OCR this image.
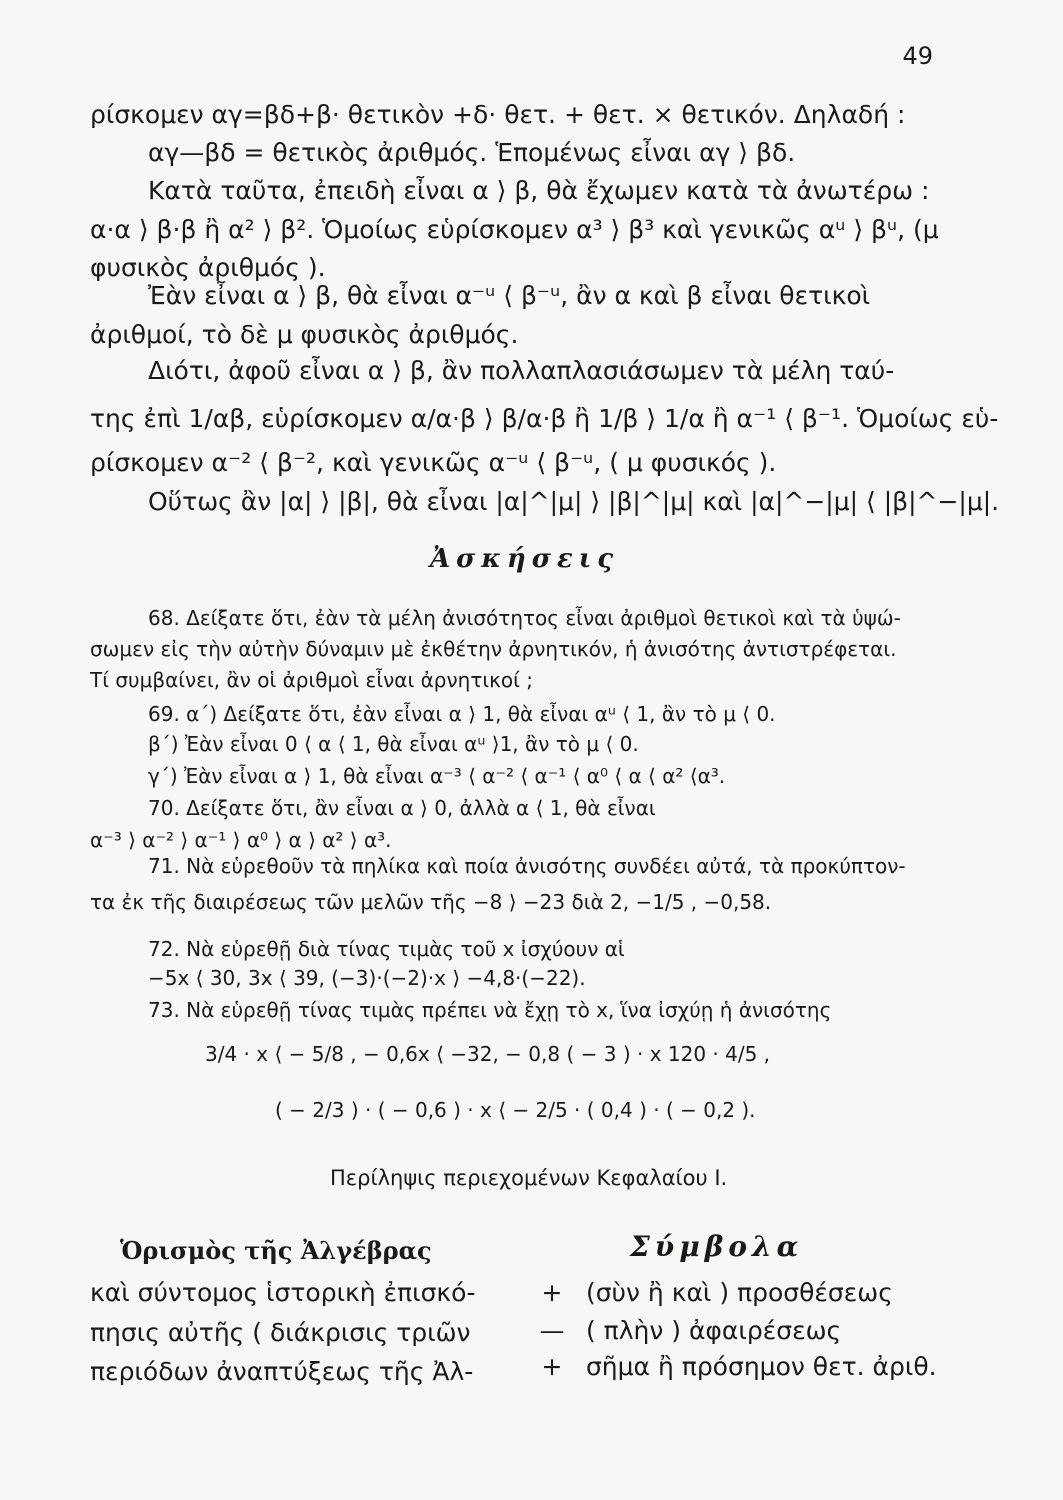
49
ρίσκομεν αγ=βδ+β· θετικὸν +δ· θετ. + θετ. × θετικόν. Δηλαδή :
αγ—βδ = θετικὸς ἀριθμός. Ἑπομένως εἶναι αγ ⟩ βδ.
Κατὰ ταῦτα, ἐπειδὴ εἶναι α ⟩ β, θὰ ἔχωμεν κατὰ τὰ ἀνωτέρω :
α·α ⟩ β·β ἢ α² ⟩ β². Ὁμοίως εὑρίσκομεν α³ ⟩ β³ καὶ γενικῶς αᵘ ⟩ βᵘ, (μ
φυσικὸς ἀριθμός ).
Ἐὰν εἶναι α ⟩ β, θὰ εἶναι α⁻ᵘ ⟨ β⁻ᵘ, ἂν α καὶ β εἶναι θετικοὶ
ἀριθμοί, τὸ δὲ μ φυσικὸς ἀριθμός.
Διότι, ἀφοῦ εἶναι α ⟩ β, ἂν πολλαπλασιάσωμεν τὰ μέλη ταύ-
της ἐπὶ 1/αβ, εὑρίσκομεν α/α·β ⟩ β/α·β ἢ 1/β ⟩ 1/α ἢ α⁻¹ ⟨ β⁻¹. Ὁμοίως εὑ-
ρίσκομεν α⁻² ⟨ β⁻², καὶ γενικῶς α⁻ᵘ ⟨ β⁻ᵘ, ( μ φυσικός ).
Οὕτως ἂν |α| ⟩ |β|, θὰ εἶναι |α|^|μ| ⟩ |β|^|μ| καὶ |α|^−|μ| ⟨ |β|^−|μ|.
Ἀσκήσεις
68. Δείξατε ὅτι, ἐὰν τὰ μέλη ἀνισότητος εἶναι ἀριθμοὶ θετικοὶ καὶ τὰ ὑψώ-
σωμεν εἰς τὴν αὐτὴν δύναμιν μὲ ἐκθέτην ἀρνητικόν, ἡ ἀνισότης ἀντιστρέφεται.
Τί συμβαίνει, ἂν οἱ ἀριθμοὶ εἶναι ἀρνητικοί ;
69. α΄) Δείξατε ὅτι, ἐὰν εἶναι α ⟩ 1, θὰ εἶναι αᵘ ⟨ 1, ἂν τὸ μ ⟨ 0.
β΄) Ἐὰν εἶναι 0 ⟨ α ⟨ 1, θὰ εἶναι αᵘ ⟩1, ἂν τὸ μ ⟨ 0.
γ΄) Ἐὰν εἶναι α ⟩ 1, θὰ εἶναι α⁻³ ⟨ α⁻² ⟨ α⁻¹ ⟨ α⁰ ⟨ α ⟨ α² ⟨α³.
70. Δείξατε ὅτι, ἂν εἶναι α ⟩ 0, ἀλλὰ α ⟨ 1, θὰ εἶναι
α⁻³ ⟩ α⁻² ⟩ α⁻¹ ⟩ α⁰ ⟩ α ⟩ α² ⟩ α³.
71. Νὰ εὑρεθοῦν τὰ πηλίκα καὶ ποία ἀνισότης συνδέει αὐτά, τὰ προκύπτον-
τα ἐκ τῆς διαιρέσεως τῶν μελῶν τῆς −8 ⟩ −23 διὰ 2, −1/5 , −0,58.
72. Νὰ εὑρεθῇ διὰ τίνας τιμὰς τοῦ x ἰσχύουν αἱ
−5x ⟨ 30, 3x ⟨ 39, (−3)·(−2)·x ⟩ −4,8·(−22).
73. Νὰ εὑρεθῇ τίνας τιμὰς πρέπει νὰ ἔχῃ τὸ x, ἵνα ἰσχύῃ ἡ ἀνισότης
3/4 · x ⟨ − 5/8 , − 0,6x ⟨ −32, − 0,8 ( − 3 ) · x 120 · 4/5 ,
( − 2/3 ) · ( − 0,6 ) · x ⟨ − 2/5 · ( 0,4 ) · ( − 0,2 ).
Περίληψις περιεχομένων Κεφαλαίου Ι.
Ὁρισμὸς τῆς Ἀλγέβρας
καὶ σύντομος ἱστορικὴ ἐπισκό-
πησις αὐτῆς ( διάκρισις τριῶν
περιόδων ἀναπτύξεως τῆς Ἀλ-
Σύμβολα
+ (σὺν ἢ καὶ ) προσθέσεως
— ( πλὴν ) ἀφαιρέσεως
+ σῆμα ἢ πρόσημον θετ. ἀριθ.
